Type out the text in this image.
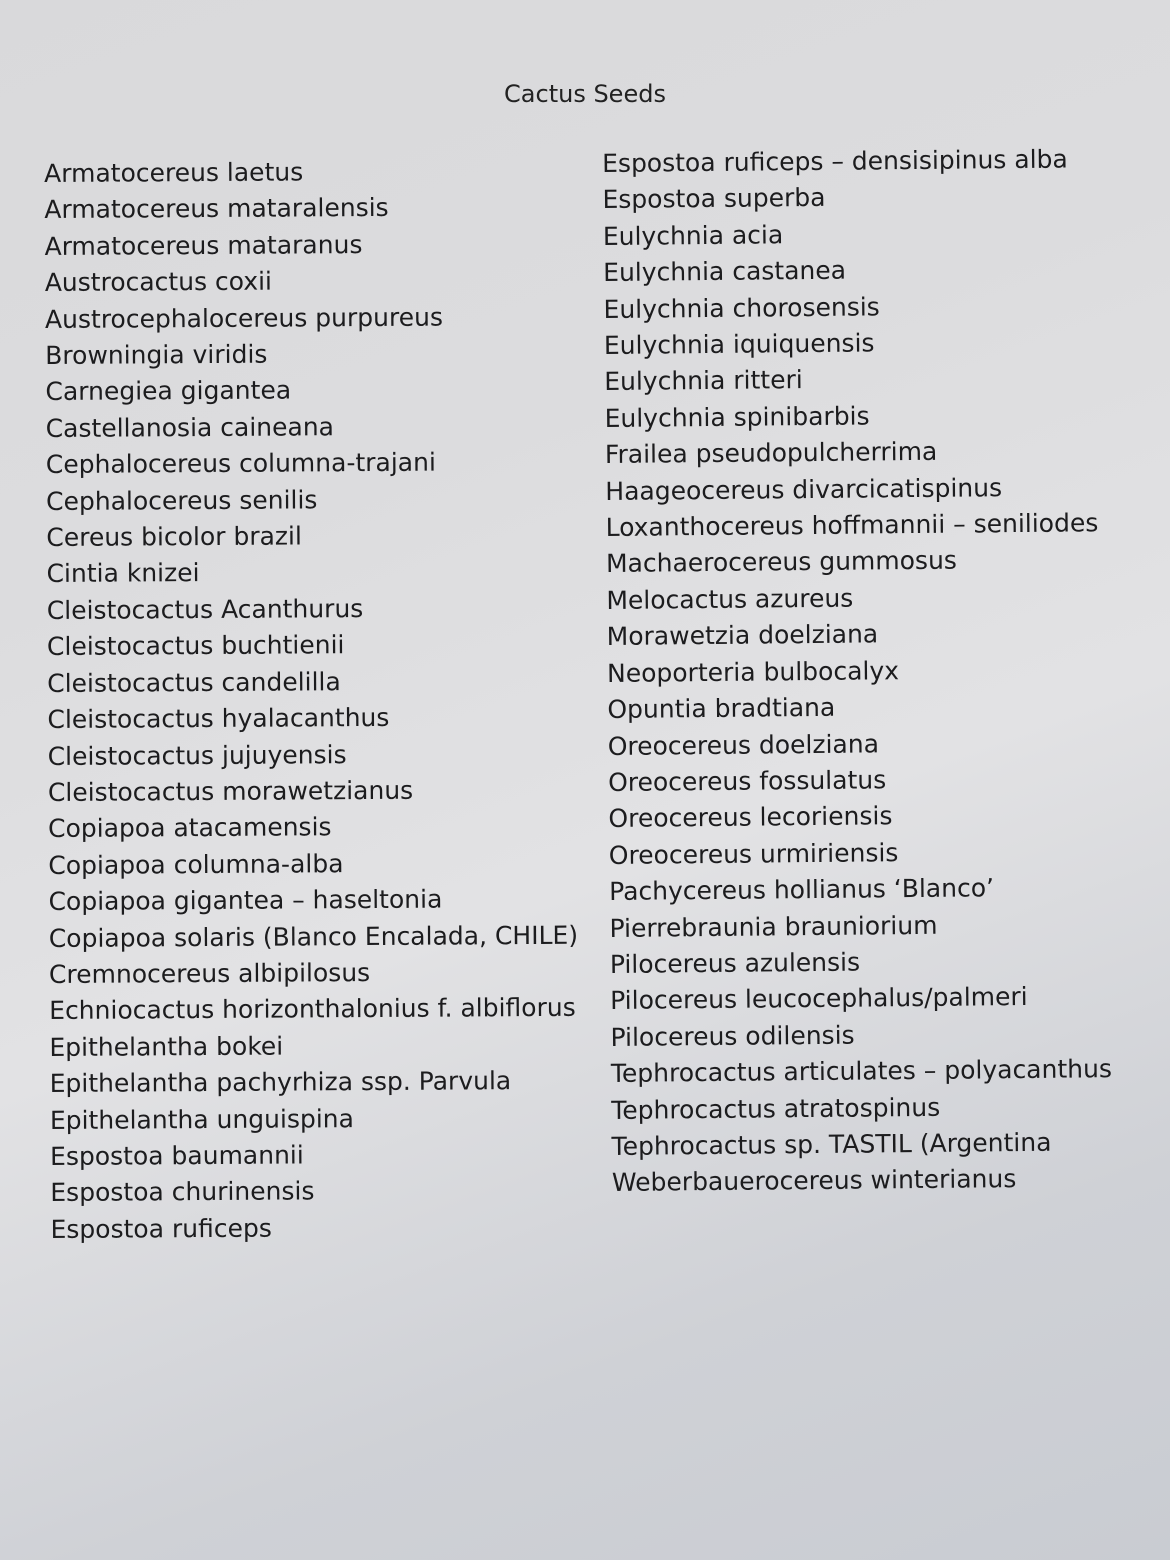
Cactus Seeds
Armatocereus laetus
Armatocereus mataralensis
Armatocereus mataranus
Austrocactus coxii
Austrocephalocereus purpureus
Browningia viridis
Carnegiea gigantea
Castellanosia caineana
Cephalocereus columna-trajani
Cephalocereus senilis
Cereus bicolor brazil
Cintia knizei
Cleistocactus Acanthurus
Cleistocactus buchtienii
Cleistocactus candelilla
Cleistocactus hyalacanthus
Cleistocactus jujuyensis
Cleistocactus morawetzianus
Copiapoa atacamensis
Copiapoa columna-alba
Copiapoa gigantea – haseltonia
Copiapoa solaris (Blanco Encalada, CHILE)
Cremnocereus albipilosus
Echniocactus horizonthalonius f. albiflorus
Epithelantha bokei
Epithelantha pachyrhiza ssp. Parvula
Epithelantha unguispina
Espostoa baumannii
Espostoa churinensis
Espostoa ruficeps
Espostoa ruficeps – densisipinus alba
Espostoa superba
Eulychnia acia
Eulychnia castanea
Eulychnia chorosensis
Eulychnia iquiquensis
Eulychnia ritteri
Eulychnia spinibarbis
Frailea pseudopulcherrima
Haageocereus divarcicatispinus
Loxanthocereus hoffmannii – seniliodes
Machaerocereus gummosus
Melocactus azureus
Morawetzia doelziana
Neoporteria bulbocalyx
Opuntia bradtiana
Oreocereus doelziana
Oreocereus fossulatus
Oreocereus lecoriensis
Oreocereus urmiriensis
Pachycereus hollianus ‘Blanco’
Pierrebraunia brauniorium
Pilocereus azulensis
Pilocereus leucocephalus/palmeri
Pilocereus odilensis
Tephrocactus articulates – polyacanthus
Tephrocactus atratospinus
Tephrocactus sp. TASTIL (Argentina
Weberbauerocereus winterianus
